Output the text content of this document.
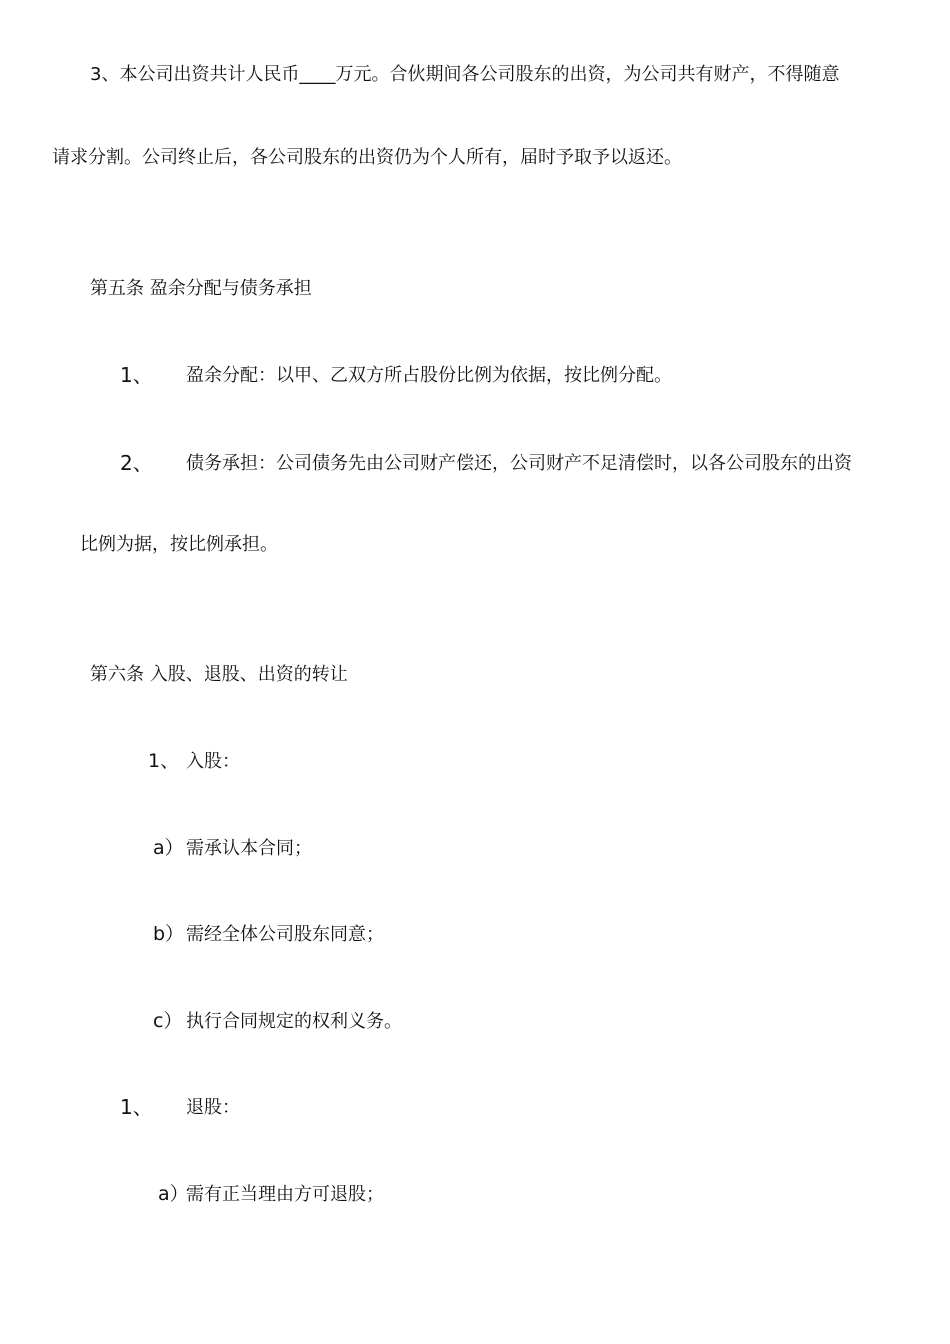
3、本公司出资共计人民币____万元。合伙期间各公司股东的出资，为公司共有财产，不得随意
请求分割。公司终止后，各公司股东的出资仍为个人所有，届时予取予以返还。
第五条 盈余分配与债务承担
1、 盈余分配：以甲、乙双方所占股份比例为依据，按比例分配。
2、 债务承担：公司债务先由公司财产偿还，公司财产不足清偿时，以各公司股东的出资
比例为据，按比例承担。
第六条 入股、退股、出资的转让
1、 入股：
a） 需承认本合同；
b） 需经全体公司股东同意；
c） 执行合同规定的权利义务。
1、 退股：
a）
需有正当理由方可退股；
